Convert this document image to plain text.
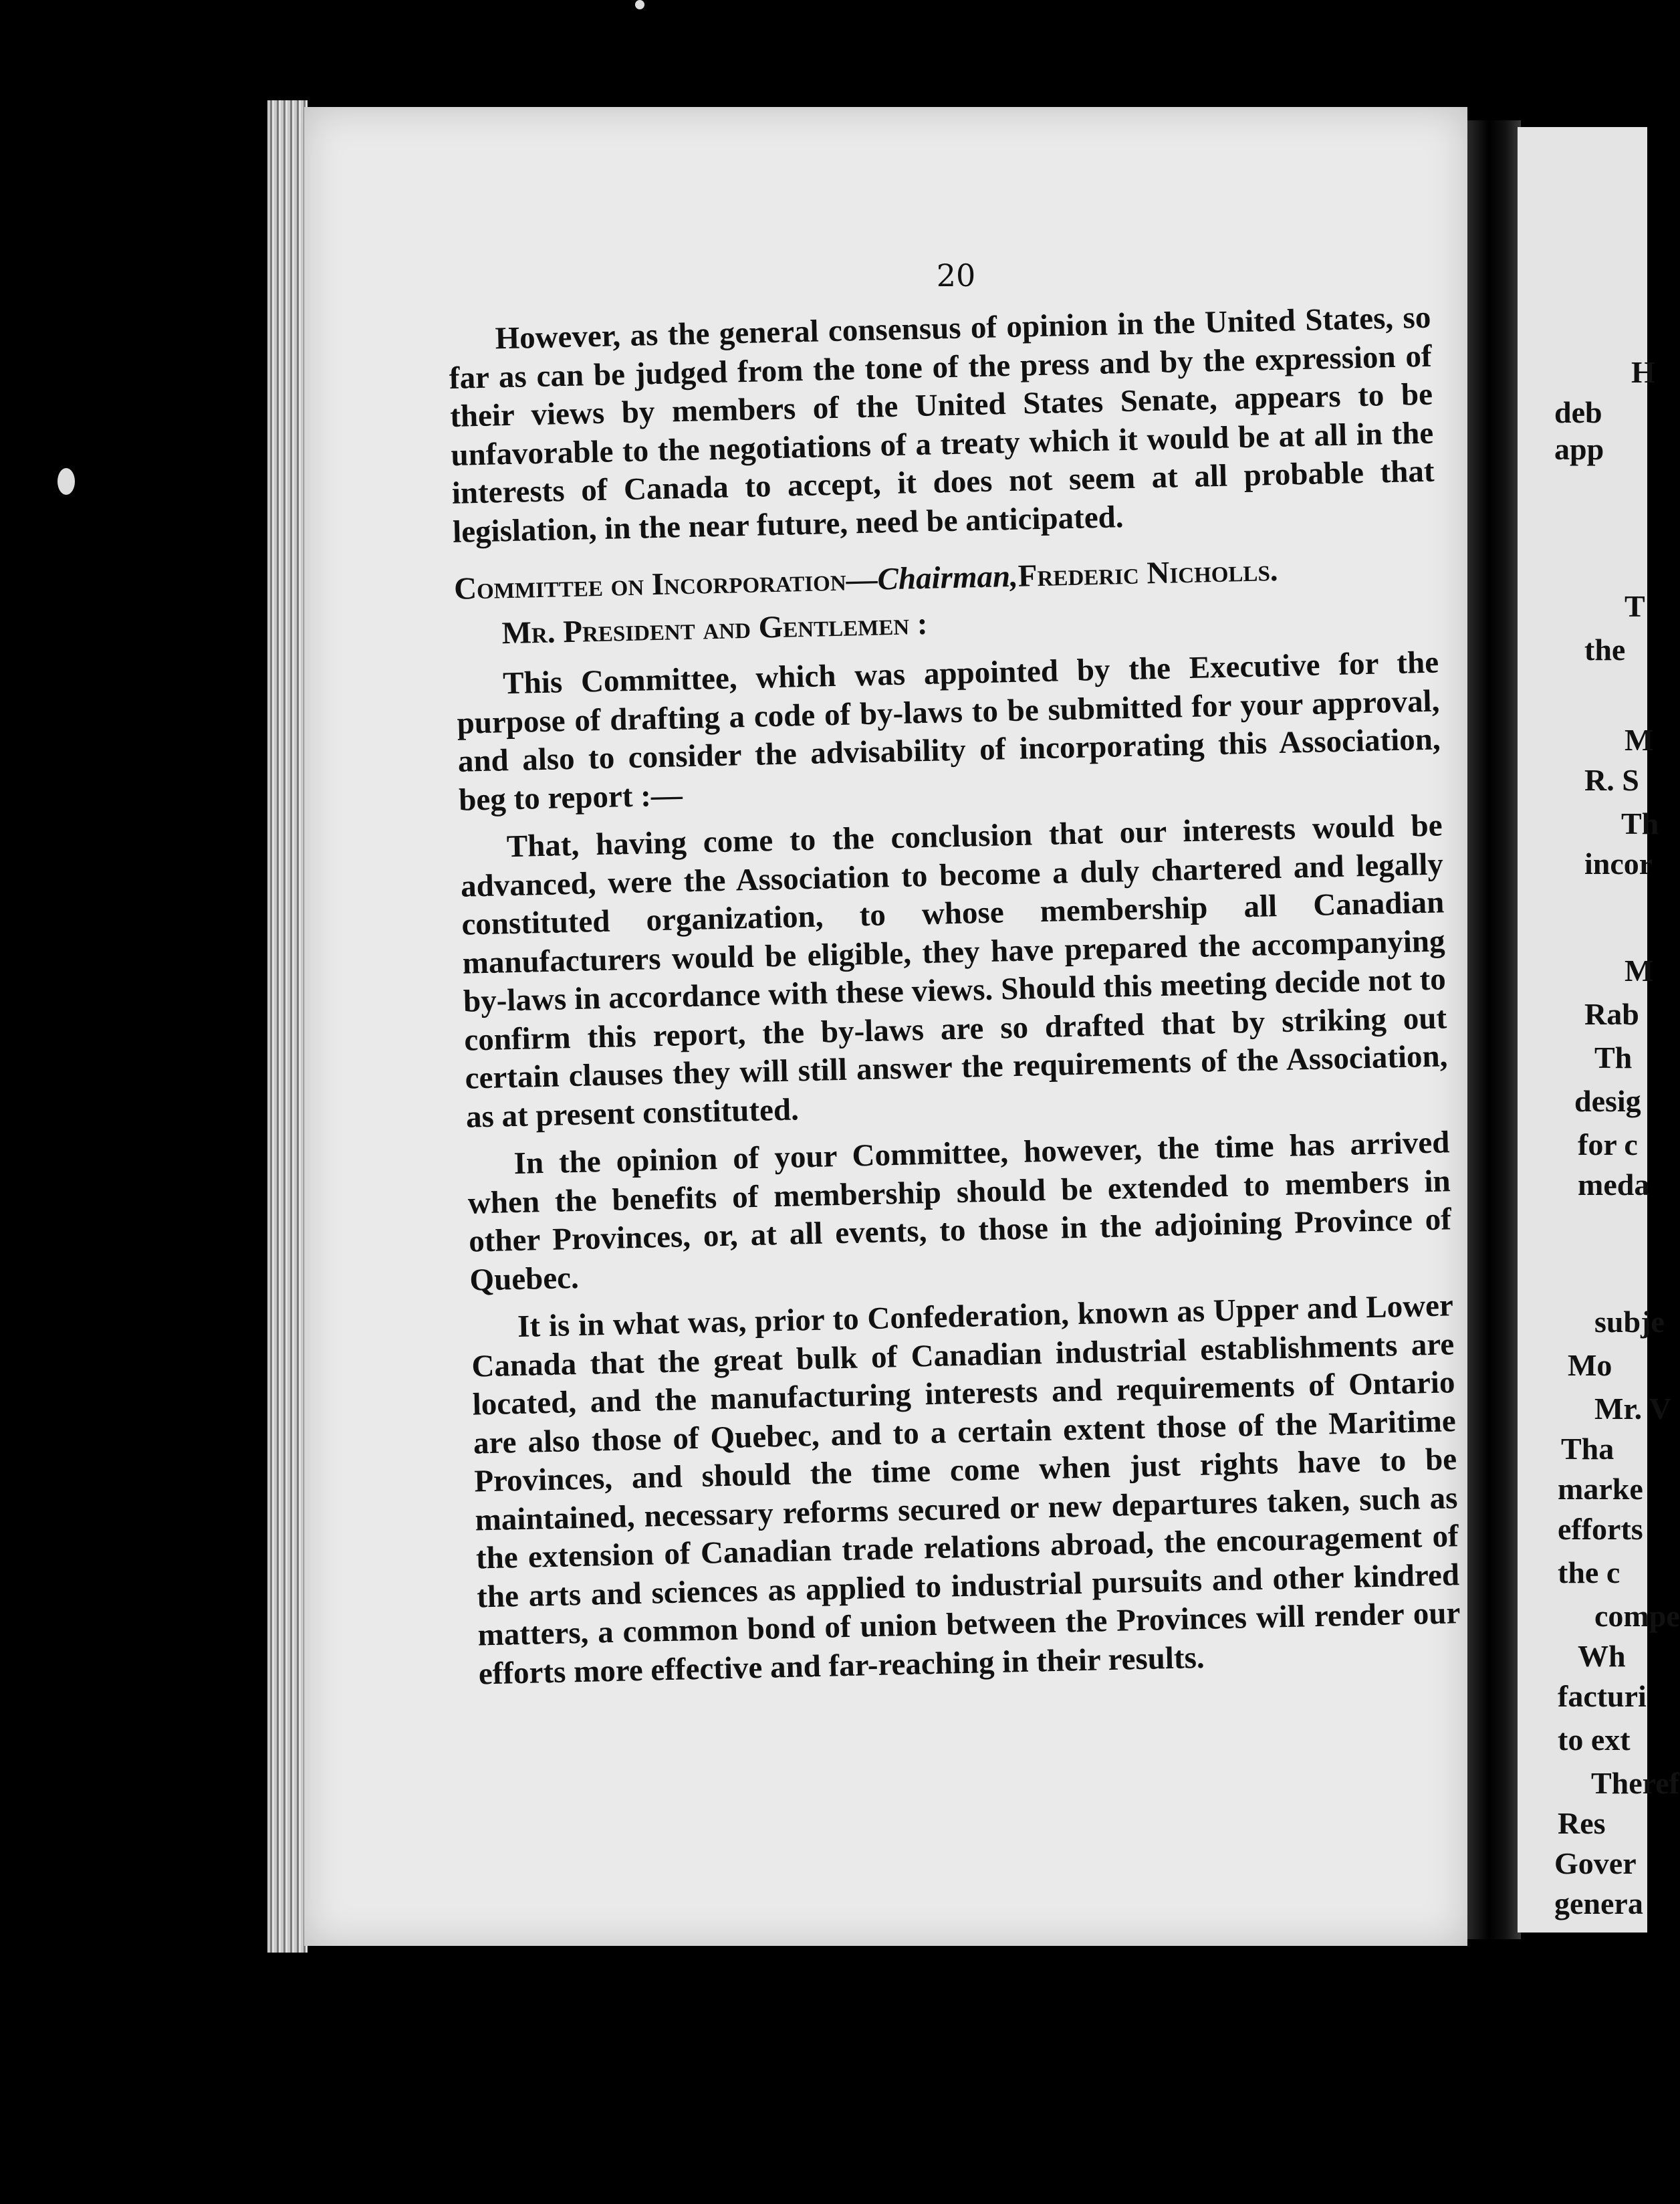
20

However, as the general consensus of opinion in the United States, so far as can be judged from the tone of the press and by the expression of their views by members of the United States Senate, appears to be unfavorable to the negotiations of a treaty which it would be at all in the interests of Canada to accept, it does not seem at all probable that legislation, in the near future, need be anticipated.

Committee on Incorporation—Chairman,Frederic Nicholls.

Mr. President and Gentlemen :

This Committee, which was appointed by the Executive for the purpose of drafting a code of by-laws to be submitted for your approval, and also to consider the advisability of incorporating this Association, beg to report :—

That, having come to the conclusion that our interests would be advanced, were the Association to become a duly chartered and legally constituted organization, to whose membership all Canadian manufacturers would be eligible, they have prepared the accompanying by-laws in accordance with these views. Should this meeting decide not to confirm this report, the by-laws are so drafted that by striking out certain clauses they will still answer the requirements of the Association, as at present constituted.

In the opinion of your Committee, however, the time has arrived when the benefits of membership should be extended to members in other Provinces, or, at all events, to those in the adjoining Province of Quebec.

It is in what was, prior to Confederation, known as Upper and Lower Canada that the great bulk of Canadian industrial establishments are located, and the manufacturing interests and requirements of Ontario are also those of Quebec, and to a certain extent those of the Maritime Provinces, and should the time come when just rights have to be maintained, necessary reforms secured or new departures taken, such as the extension of Canadian trade relations abroad, the encouragement of the arts and sciences as applied to industrial pursuits and other kindred matters, a common bond of union between the Provinces will render our efforts more effective and far-reaching in their results.

H
deb
app
T
the
M
R. S
Th
incor
M
Rab
Th
desig
for c
meda
subje
Mo
Mr. V
Tha
marke
efforts
the c
compe
Wh
facturi
to ext
Theref
Res
Gover
genera
